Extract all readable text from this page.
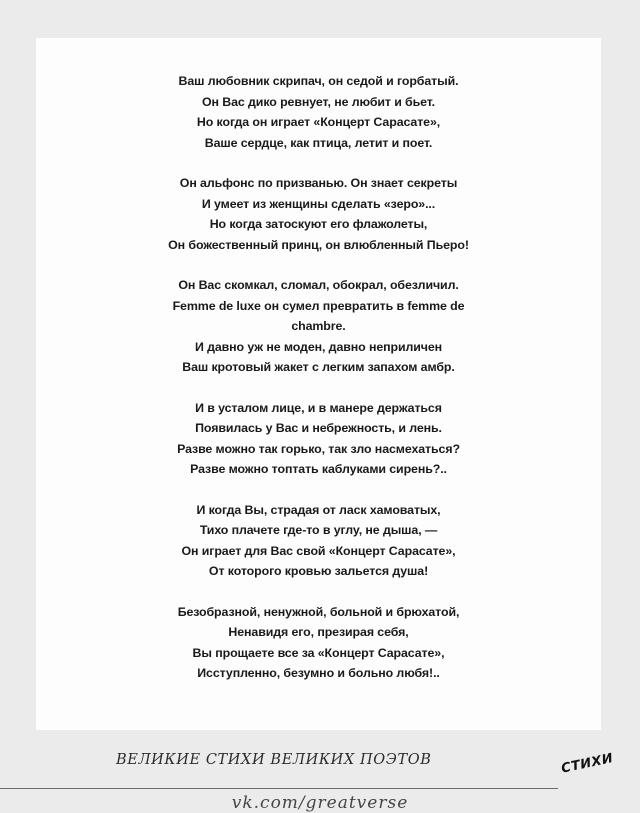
Ваш любовник скрипач, он седой и горбатый.
Он Вас дико ревнует, не любит и бьет.
Но когда он играет «Концерт Сарасате»,
Ваше сердце, как птица, летит и поет.
Он альфонс по призванью. Он знает секреты
И умеет из женщины сделать «зеро»...
Но когда затоскуют его флажолеты,
Он божественный принц, он влюбленный Пьеро!
Он Вас скомкал, сломал, обокрал, обезличил.
Femme de luxe он сумел превратить в femme de
chambre.
И давно уж не моден, давно неприличен
Ваш кротовый жакет с легким запахом амбр.
И в усталом лице, и в манере держаться
Появилась у Вас и небрежность, и лень.
Разве можно так горько, так зло насмехаться?
Разве можно топтать каблуками сирень?..
И когда Вы, страдая от ласк хамоватых,
Тихо плачете где-то в углу, не дыша, —
Он играет для Вас свой «Концерт Сарасате»,
От которого кровью зальется душа!
Безобразной, ненужной, больной и брюхатой,
Ненавидя его, презирая себя,
Вы прощаете все за «Концерт Сарасате»,
Исступленно, безумно и больно любя!..
ВЕЛИКИЕ СТИХИ ВЕЛИКИХ ПОЭТОВ
vk.com/greatverse
СТИХИ
